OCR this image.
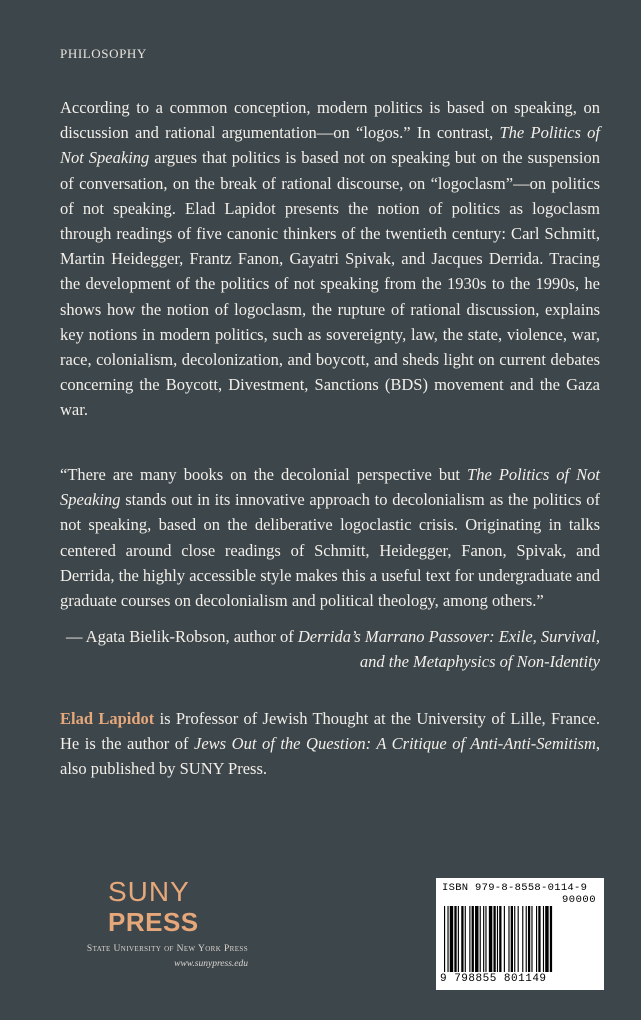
PHILOSOPHY

According to a common conception, modern politics is based on speaking, on discussion and rational argumentation—on “logos.” In contrast, The Politics of Not Speaking argues that politics is based not on speaking but on the suspension of conversation, on the break of rational discourse, on “logoclasm”—on politics of not speaking. Elad Lapidot presents the notion of politics as logoclasm through readings of five canonic thinkers of the twentieth century: Carl Schmitt, Martin Heidegger, Frantz Fanon, Gayatri Spivak, and Jacques Derrida. Tracing the development of the politics of not speaking from the 1930s to the 1990s, he shows how the notion of logoclasm, the rupture of rational discussion, explains key notions in modern politics, such as sovereignty, law, the state, violence, war, race, colonialism, decolonization, and boycott, and sheds light on current debates concerning the Boycott, Divestment, Sanctions (BDS) movement and the Gaza war.

“There are many books on the decolonial perspective but The Politics of Not Speaking stands out in its innovative approach to decolonialism as the politics of not speaking, based on the deliberative logoclastic crisis. Originating in talks centered around close readings of Schmitt, Heidegger, Fanon, Spivak, and Derrida, the highly accessible style makes this a useful text for undergraduate and graduate courses on decolonialism and political theology, among others.”

— Agata Bielik-Robson, author of Derrida’s Marrano Passover: Exile, Survival,
and the Metaphysics of Non-Identity

Elad Lapidot is Professor of Jewish Thought at the University of Lille, France. He is the author of Jews Out of the Question: A Critique of Anti-Anti-Semitism, also published by SUNY Press.

SUNY
PRESS
State University of New York Press
www.sunypress.edu
ISBN 979-8-8558-0114-9
90000
9 798855 801149
